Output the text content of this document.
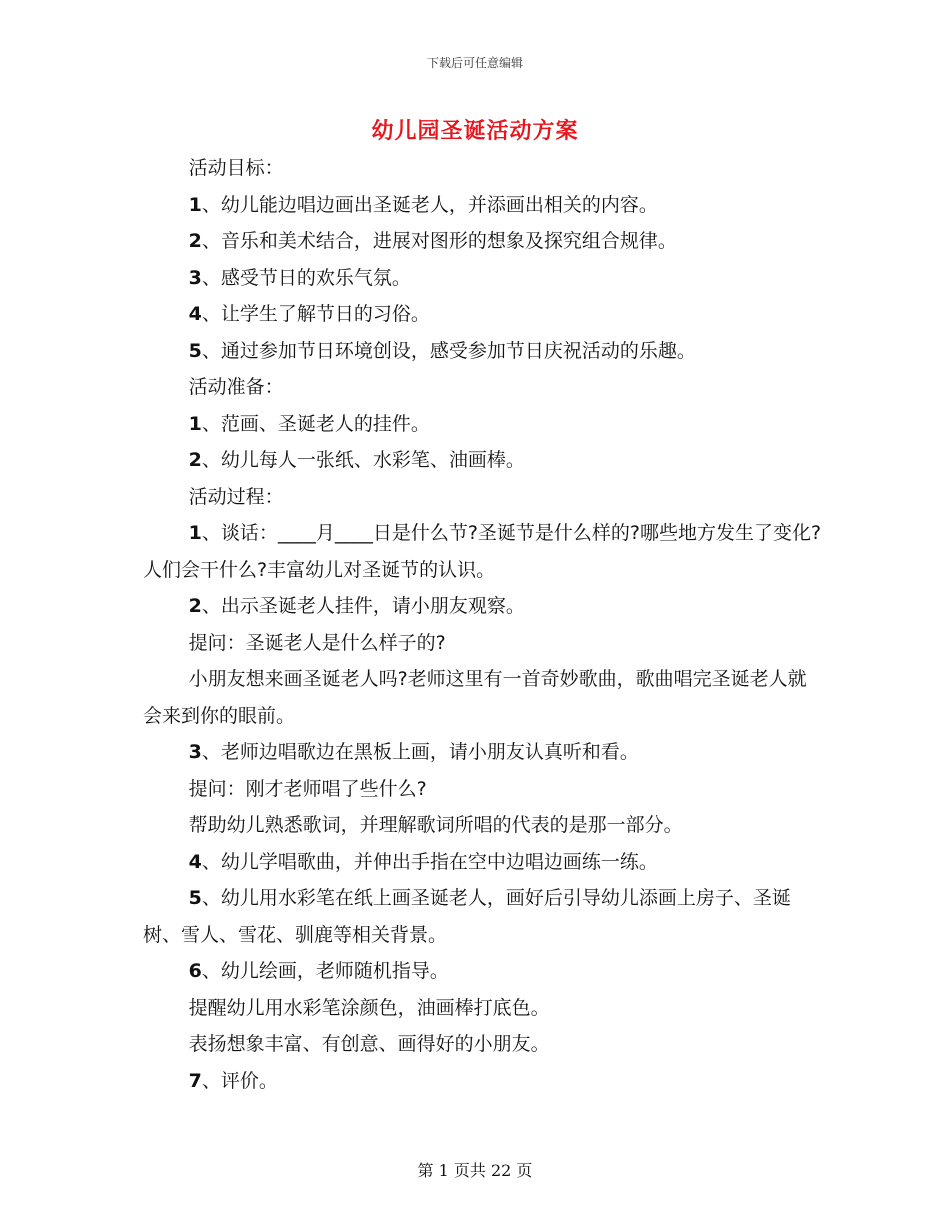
下载后可任意编辑
幼儿园圣诞活动方案

活动目标：

1、幼儿能边唱边画出圣诞老人，并添画出相关的内容。

2、音乐和美术结合，进展对图形的想象及探究组合规律。

3、感受节日的欢乐气氛。

4、让学生了解节日的习俗。

5、通过参加节日环境创设，感受参加节日庆祝活动的乐趣。

活动准备：

1、范画、圣诞老人的挂件。

2、幼儿每人一张纸、水彩笔、油画棒。

活动过程：

1、谈话：____月____日是什么节?圣诞节是什么样的?哪些地方发生了变化?人们会干什么?丰富幼儿对圣诞节的认识。

2、出示圣诞老人挂件，请小朋友观察。

提问：圣诞老人是什么样子的?

小朋友想来画圣诞老人吗?老师这里有一首奇妙歌曲，歌曲唱完圣诞老人就会来到你的眼前。

3、老师边唱歌边在黑板上画，请小朋友认真听和看。

提问：刚才老师唱了些什么?

帮助幼儿熟悉歌词，并理解歌词所唱的代表的是那一部分。

4、幼儿学唱歌曲，并伸出手指在空中边唱边画练一练。

5、幼儿用水彩笔在纸上画圣诞老人，画好后引导幼儿添画上房子、圣诞树、雪人、雪花、驯鹿等相关背景。

6、幼儿绘画，老师随机指导。

提醒幼儿用水彩笔涂颜色，油画棒打底色。

表扬想象丰富、有创意、画得好的小朋友。

7、评价。

第 1 页共 22 页
